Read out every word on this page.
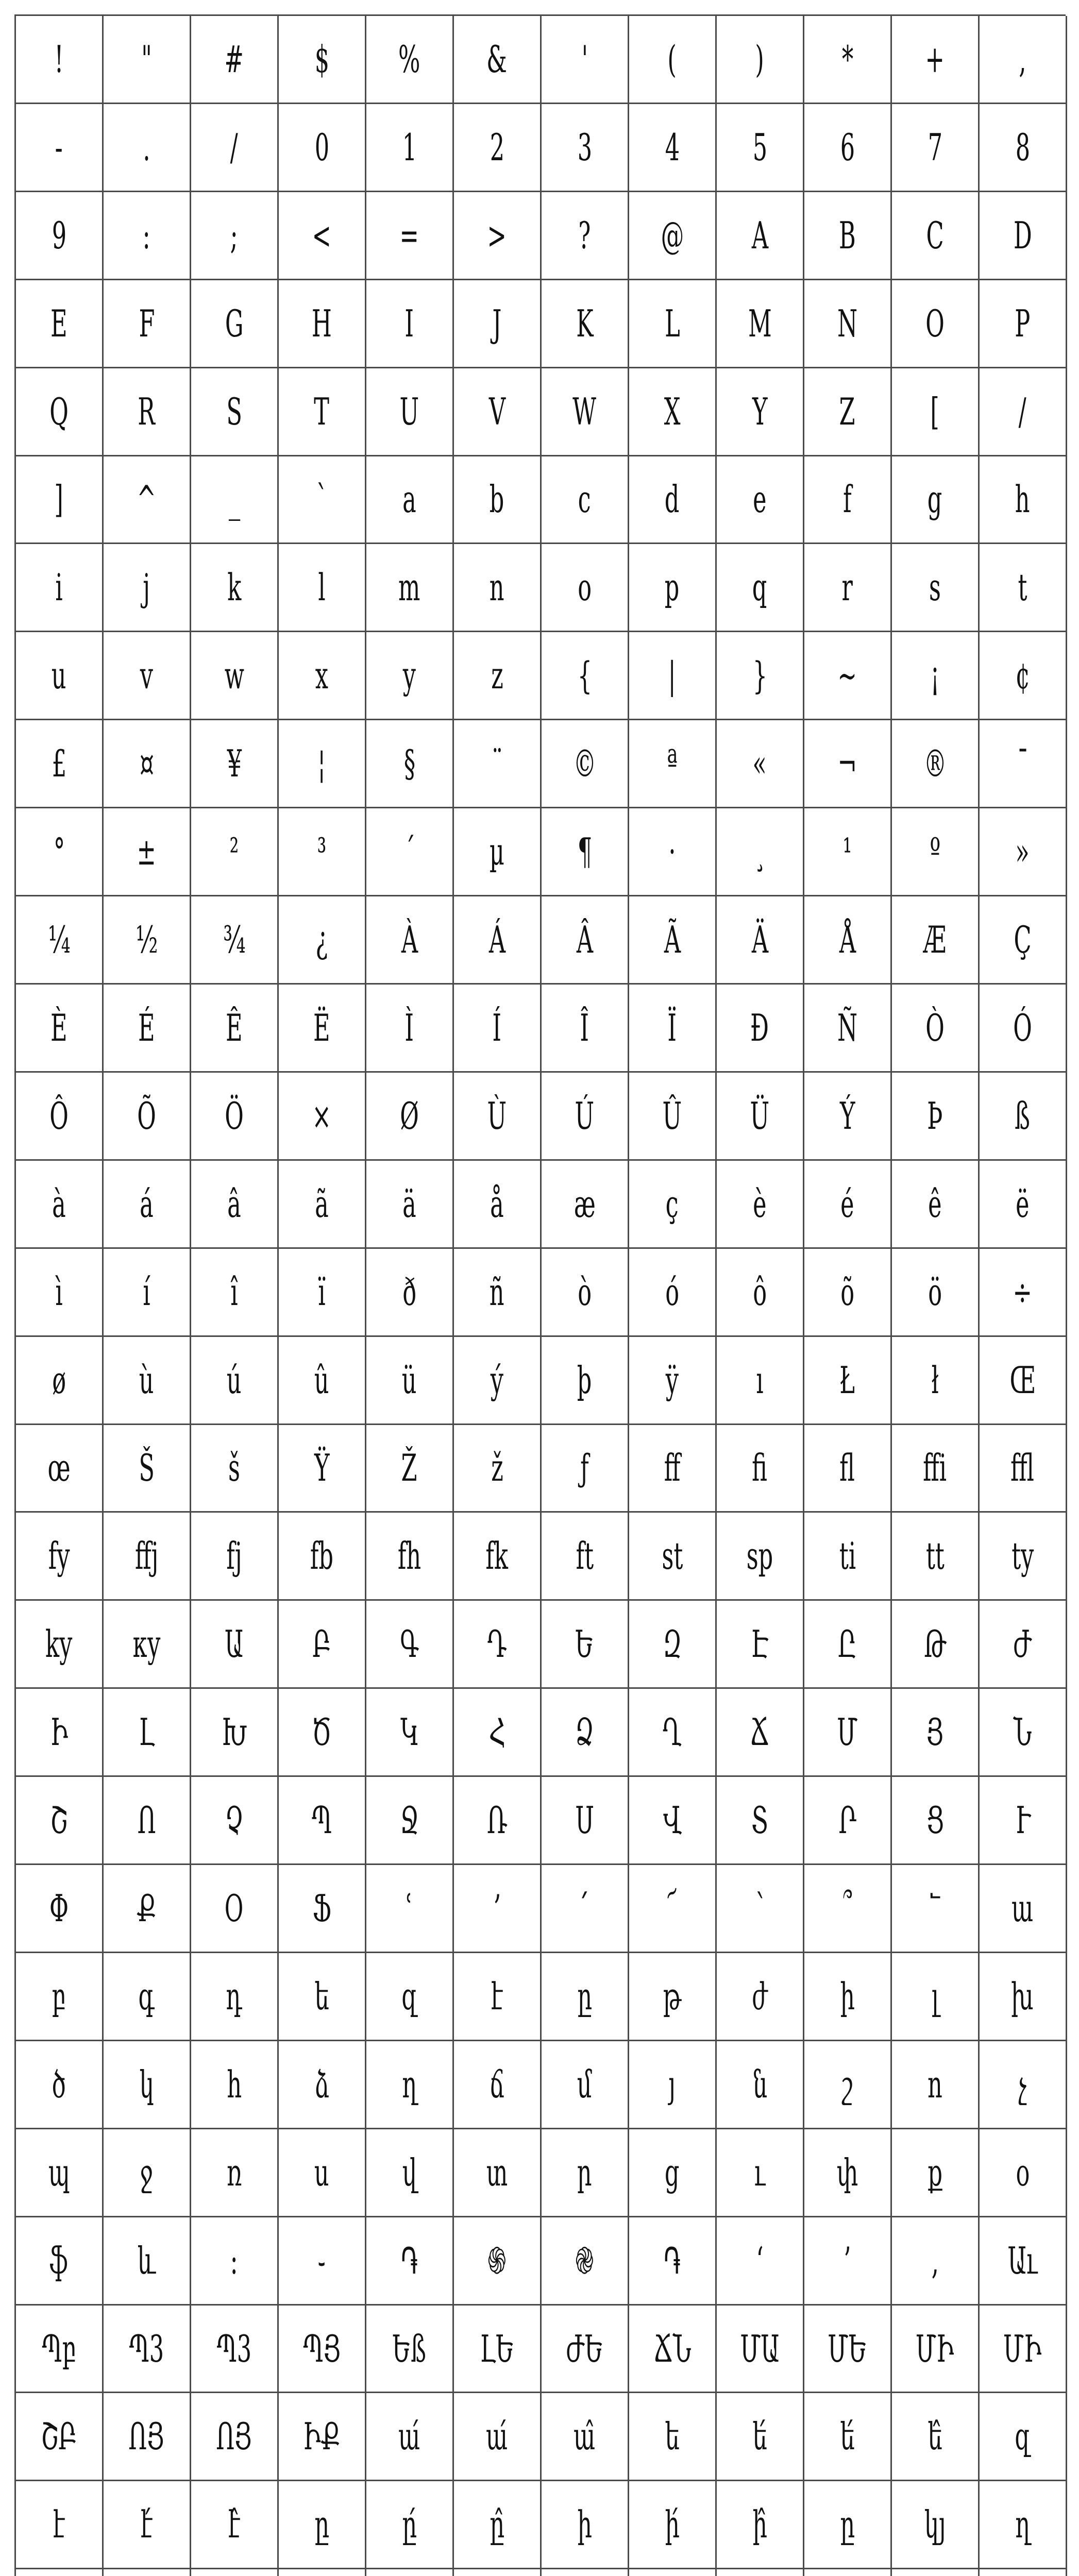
! " # $ % & ' ( ) * + ,
- . / 0 1 2 3 4 5 6 7 8
9 : ; < = > ? @ A B C D
E F G H I J K L M N O P
Q R S T U V W X Y Z [ /
] ^ _ ` a b c d e f g h
i j k l m n o p q r s t
u v w x y z { | } ~ ¡ ¢
£ ¤ ¥ ¦ § ¨ © ª « ¬ ® ¯
° ± ² ³ ´ µ ¶ · ¸ ¹ º »
¼ ½ ¾ ¿ À Á Â Ã Ä Å Æ Ç
È É Ê Ë Ì Í Î Ï Ð Ñ Ò Ó
Ô Õ Ö × Ø Ù Ú Û Ü Ý Þ ß
à á â ã ä å æ ç è é ê ë
ì í î ï ð ñ ò ó ô õ ö ÷
ø ù ú û ü ý þ ÿ ı Ł ł Œ
œ Š š Ÿ Ž ž ƒ ff fi fl ffi ffl
fy ffj fj fb fh fk ft st sp ti tt ty
ky ку Ա Բ Գ Դ Ե Զ Է Ը Թ Ժ
Ի Լ Խ Ծ Կ Հ Ձ Ղ Ճ Մ Յ Ն
Շ Ո Չ Պ Ջ Ռ Ս Վ Տ Ր Ց Ւ
Փ Ք Օ Ֆ ՙ ՚ ՛ ՜ ՝ ՞ ՟ ա
բ գ դ ե զ է ը թ ժ ի լ խ
ծ կ հ ձ ղ ճ մ յ ն շ ո չ
պ ջ ռ ս վ տ ր ց ւ փ ք օ
ֆ և ։ ֊ ֏ ֍ ֎ ֏ ‘ ’ ‚ Աւ
Պբ Պ3 Պ3 ՊՅ Եß ԼԵ ԺԵ ՃՆ ՄԱ ՄԵ ՄԻ ՄԻ
ՇԲ ՈՅ ՈՅ ԻՔ ա́ ա́ ա̂ ե ե́ ե́ ե̂ զ
է է́ է̂ ը ը́ ը̂ ի ի́ ի̂ ը կյ ղ
